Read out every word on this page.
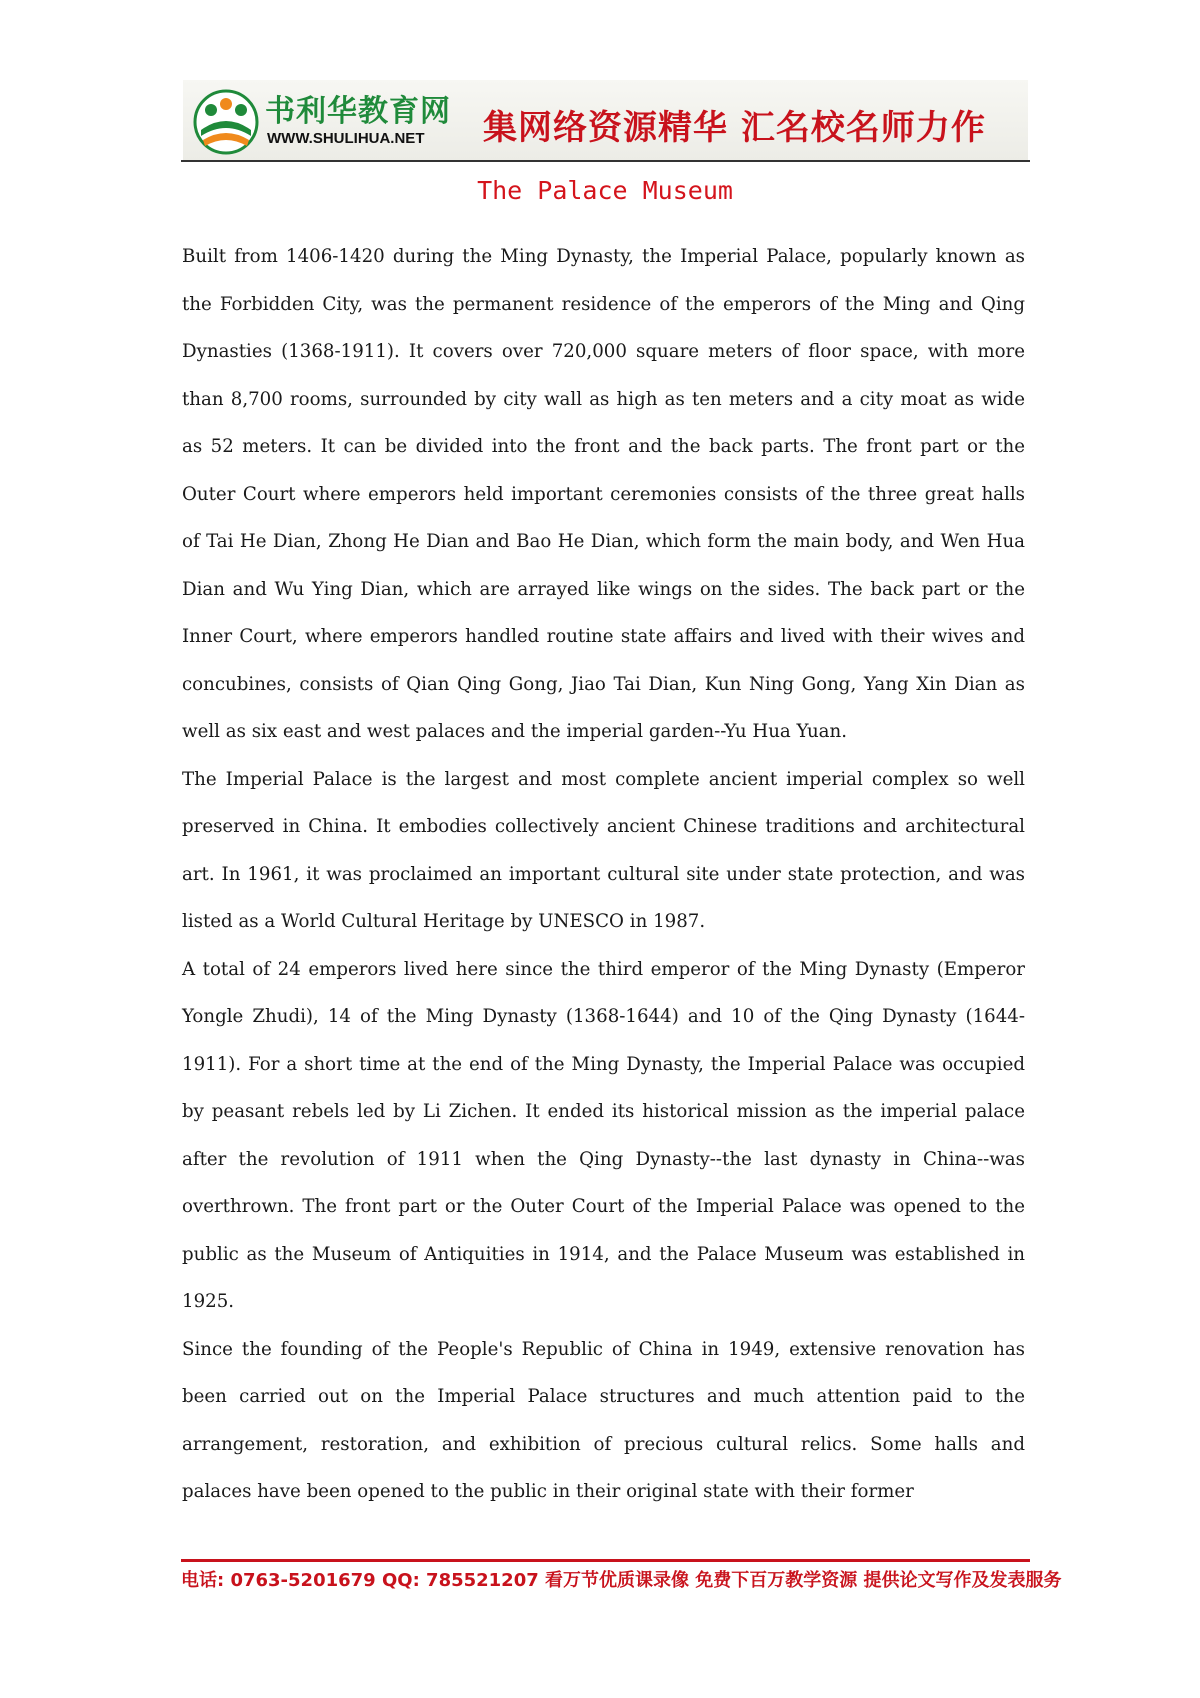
书利华教育网
WWW.SHULIHUA.NET 集网络资源精华 汇名校名师力作
The Palace Museum

Built from 1406-1420 during the Ming Dynasty, the Imperial Palace, popularly known as the Forbidden City, was the permanent residence of the emperors of the Ming and Qing Dynasties (1368-1911). It covers over 720,000 square meters of floor space, with more than 8,700 rooms, surrounded by city wall as high as ten meters and a city moat as wide as 52 meters. It can be divided into the front and the back parts. The front part or the Outer Court where emperors held important ceremonies consists of the three great halls of Tai He Dian, Zhong He Dian and Bao He Dian, which form the main body, and Wen Hua Dian and Wu Ying Dian, which are arrayed like wings on the sides. The back part or the Inner Court, where emperors handled routine state affairs and lived with their wives and concubines, consists of Qian Qing Gong, Jiao Tai Dian, Kun Ning Gong, Yang Xin Dian as well as six east and west palaces and the imperial garden--Yu Hua Yuan.

The Imperial Palace is the largest and most complete ancient imperial complex so well preserved in China. It embodies collectively ancient Chinese traditions and architectural art. In 1961, it was proclaimed an important cultural site under state protection, and was listed as a World Cultural Heritage by UNESCO in 1987.

A total of 24 emperors lived here since the third emperor of the Ming Dynasty (Emperor Yongle Zhudi), 14 of the Ming Dynasty (1368-1644) and 10 of the Qing Dynasty (1644-1911). For a short time at the end of the Ming Dynasty, the Imperial Palace was occupied by peasant rebels led by Li Zichen. It ended its historical mission as the imperial palace after the revolution of 1911 when the Qing Dynasty--the last dynasty in China--was overthrown. The front part or the Outer Court of the Imperial Palace was opened to the public as the Museum of Antiquities in 1914, and the Palace Museum was established in 1925.

Since the founding of the People's Republic of China in 1949, extensive renovation has been carried out on the Imperial Palace structures and much attention paid to the arrangement, restoration, and exhibition of precious cultural relics. Some halls and palaces have been opened to the public in their original state with their former

电话: 0763-5201679 QQ: 785521207 看万节优质课录像 免费下百万教学资源 提供论文写作及发表服务
